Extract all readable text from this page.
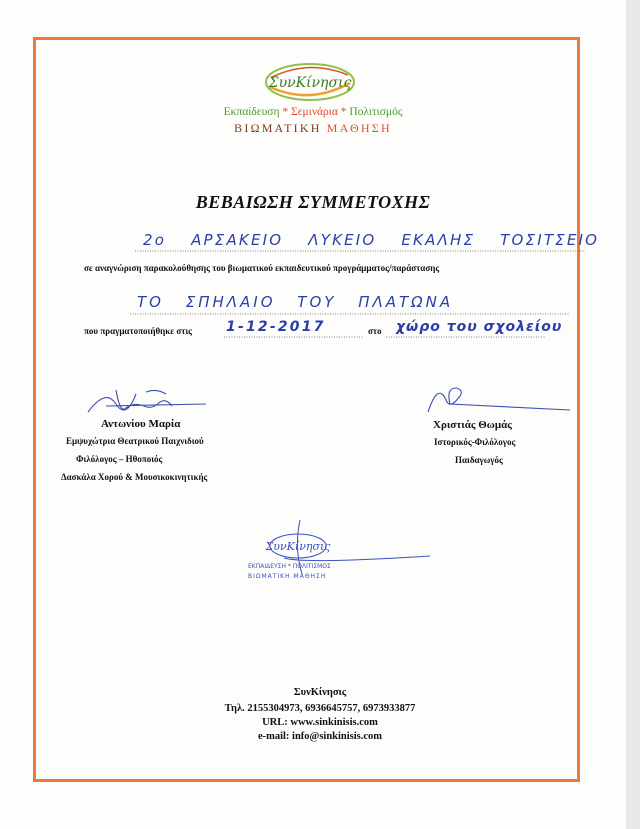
ΣυνΚίνησις
Εκπαίδευση * Σεμινάρια * Πολιτισμός
ΒΙΩΜΑΤΙΚΗ ΜΑΘΗΣΗ
ΒΕΒΑΙΩΣΗ ΣΥΜΜΕΤΟΧΗΣ
2ο ΑΡΣΑΚΕΙΟ ΛΥΚΕΙΟ ΕΚΑΛΗΣ ΤΟΣΙΤΣΕΙΟ
σε αναγνώριση παρακολούθησης του βιωματικού εκπαιδευτικού προγράμματος/παράστασης
ΤΟ ΣΠΗΛΑΙΟ ΤΟΥ ΠΛΑΤΩΝΑ
που πραγματοποιήθηκε στις 1-12-2017	στο χώρο του σχολείου
Αντωνίου Μαρία
Εμψυχώτρια Θεατρικού Παιχνιδιού
Φιλόλογος – Ηθοποιός
Δασκάλα Χορού & Μουσικοκινητικής
Χριστιάς Θωμάς
Ιστορικός-Φιλόλογος
Παιδαγωγός
ΣυνΚίνησις
ΕΚΠΑΙΔΕΥΣΗ * ΠΟΛΙΤΙΣΜΟΣ
ΒΙΩΜΑΤΙΚΗ ΜΑΘΗΣΗ
ΣυνΚίνησις
Τηλ. 2155304973, 6936645757, 6973933877
URL: www.sinkinisis.com
e-mail: info@sinkinisis.com
